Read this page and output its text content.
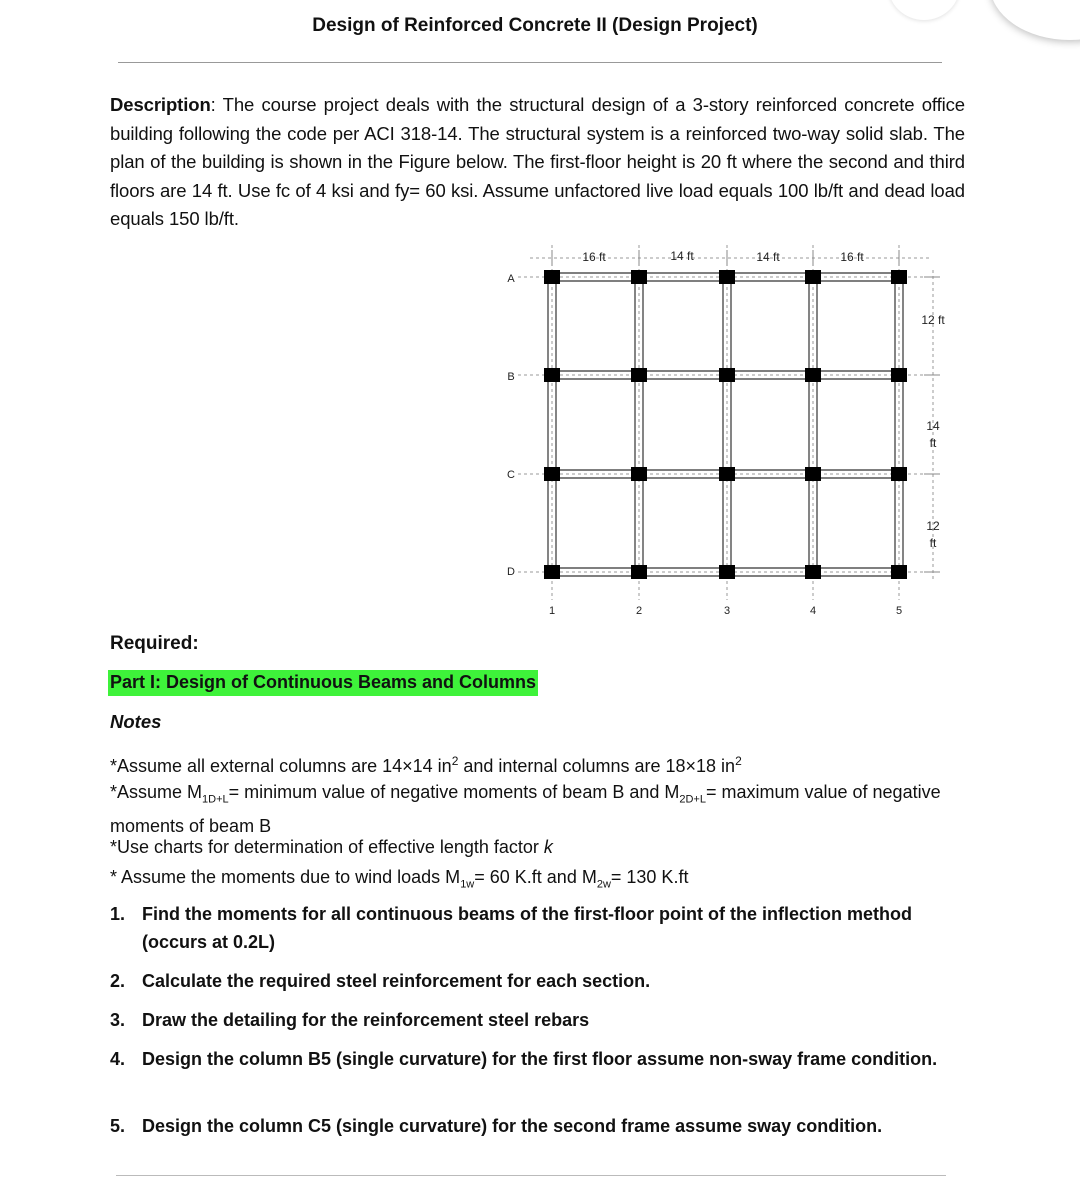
Design of Reinforced Concrete II (Design Project)
Description: The course project deals with the structural design of a 3-story reinforced concrete office building following the code per ACI 318-14. The structural system is a reinforced two-way solid slab. The plan of the building is shown in the Figure below. The first-floor height is 20 ft where the second and third floors are 14 ft. Use fc of 4 ksi and fy= 60 ksi. Assume unfactored live load equals 100 lb/ft and dead load equals 150 lb/ft.
A
B
C
D
1	2	3	4	5
16 ft	14 ft	14 ft	16 ft
12 ft
14
ft
12
ft
Required:
Part I: Design of Continuous Beams and Columns
Notes
*Assume all external columns are 14×14 $in^2$ and internal columns are 18×18 $in^2$
*Assume $M_{1D+L}=$ minimum value of negative moments of beam B and $M_{2D+L}=$ maximum value of negative moments of beam B
*Use charts for determination of effective length factor k
* Assume the moments due to wind loads $M_{1w}= 60$ K.ft and $M_{2w}= 130$ K.ft
1. Find the moments for all continuous beams of the first-floor point of the inflection method (occurs at 0.2L)
2. Calculate the required steel reinforcement for each section.
3. Draw the detailing for the reinforcement steel rebars
4. Design the column B5 (single curvature) for the first floor assume non-sway frame condition.
5. Design the column C5 (single curvature) for the second frame assume sway condition.
